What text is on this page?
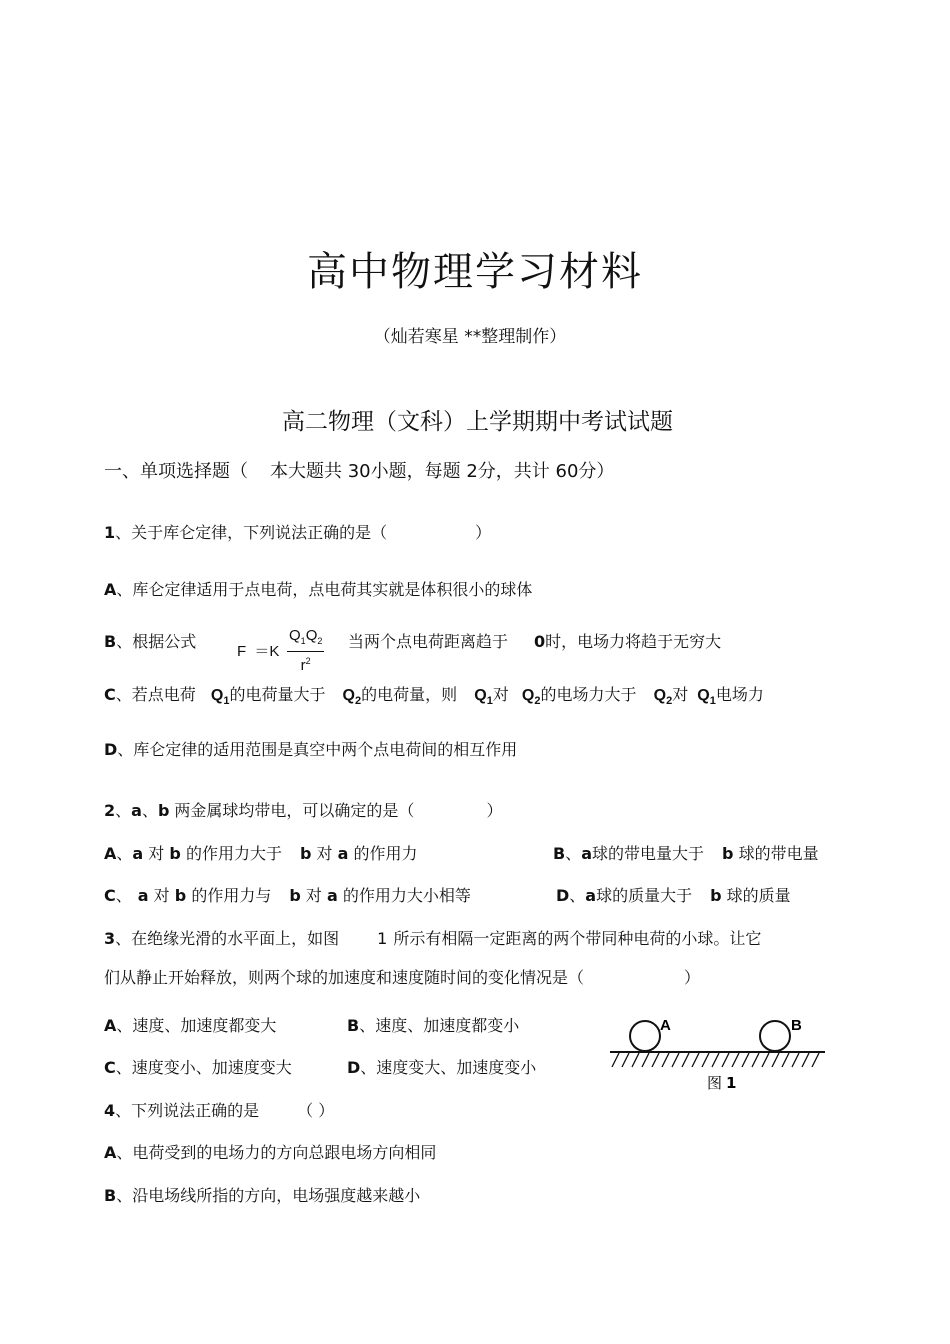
高中物理学习材料
（灿若寒星 **整理制作）
高二物理（文科）上学期期中考试试题
一、单项选择题（ 本大题共 30小题，每题 2分，共计 60分）
1、关于库仑定律，下列说法正确的是（	）
A、库仑定律适用于点电荷，点电荷其实就是体积很小的球体
B、根据公式
F ＝K
$Q_1Q_2$
$r^2$
当两个点电荷距离趋于 0时，电场力将趋于无穷大
C、若点电荷 $Q_1$的电荷量大于 $Q_2$的电荷量，则 $Q_1$对 $Q_2$的电场力大于 $Q_2$对 $Q_1$电场力
D、库仑定律的适用范围是真空中两个点电荷间的相互作用
2、a、b 两金属球均带电，可以确定的是（	）
A、a 对 b 的作用力大于 b 对 a 的作用力	B、a球的带电量大于 b 球的带电量
C、 a 对 b 的作用力与 b 对 a 的作用力大小相等	D、a球的质量大于 b 球的质量
3、在绝缘光滑的水平面上，如图 1 所示有相隔一定距离的两个带同种电荷的小球。让它
们从静止开始释放，则两个球的加速度和速度随时间的变化情况是（	）
A、速度、加速度都变大	B、速度、加速度都变小
C、速度变小、加速度变大	D、速度变大、加速度变小
A	B
图 1
4、下列说法正确的是 （ ）
A、电荷受到的电场力的方向总跟电场方向相同
B、沿电场线所指的方向，电场强度越来越小
